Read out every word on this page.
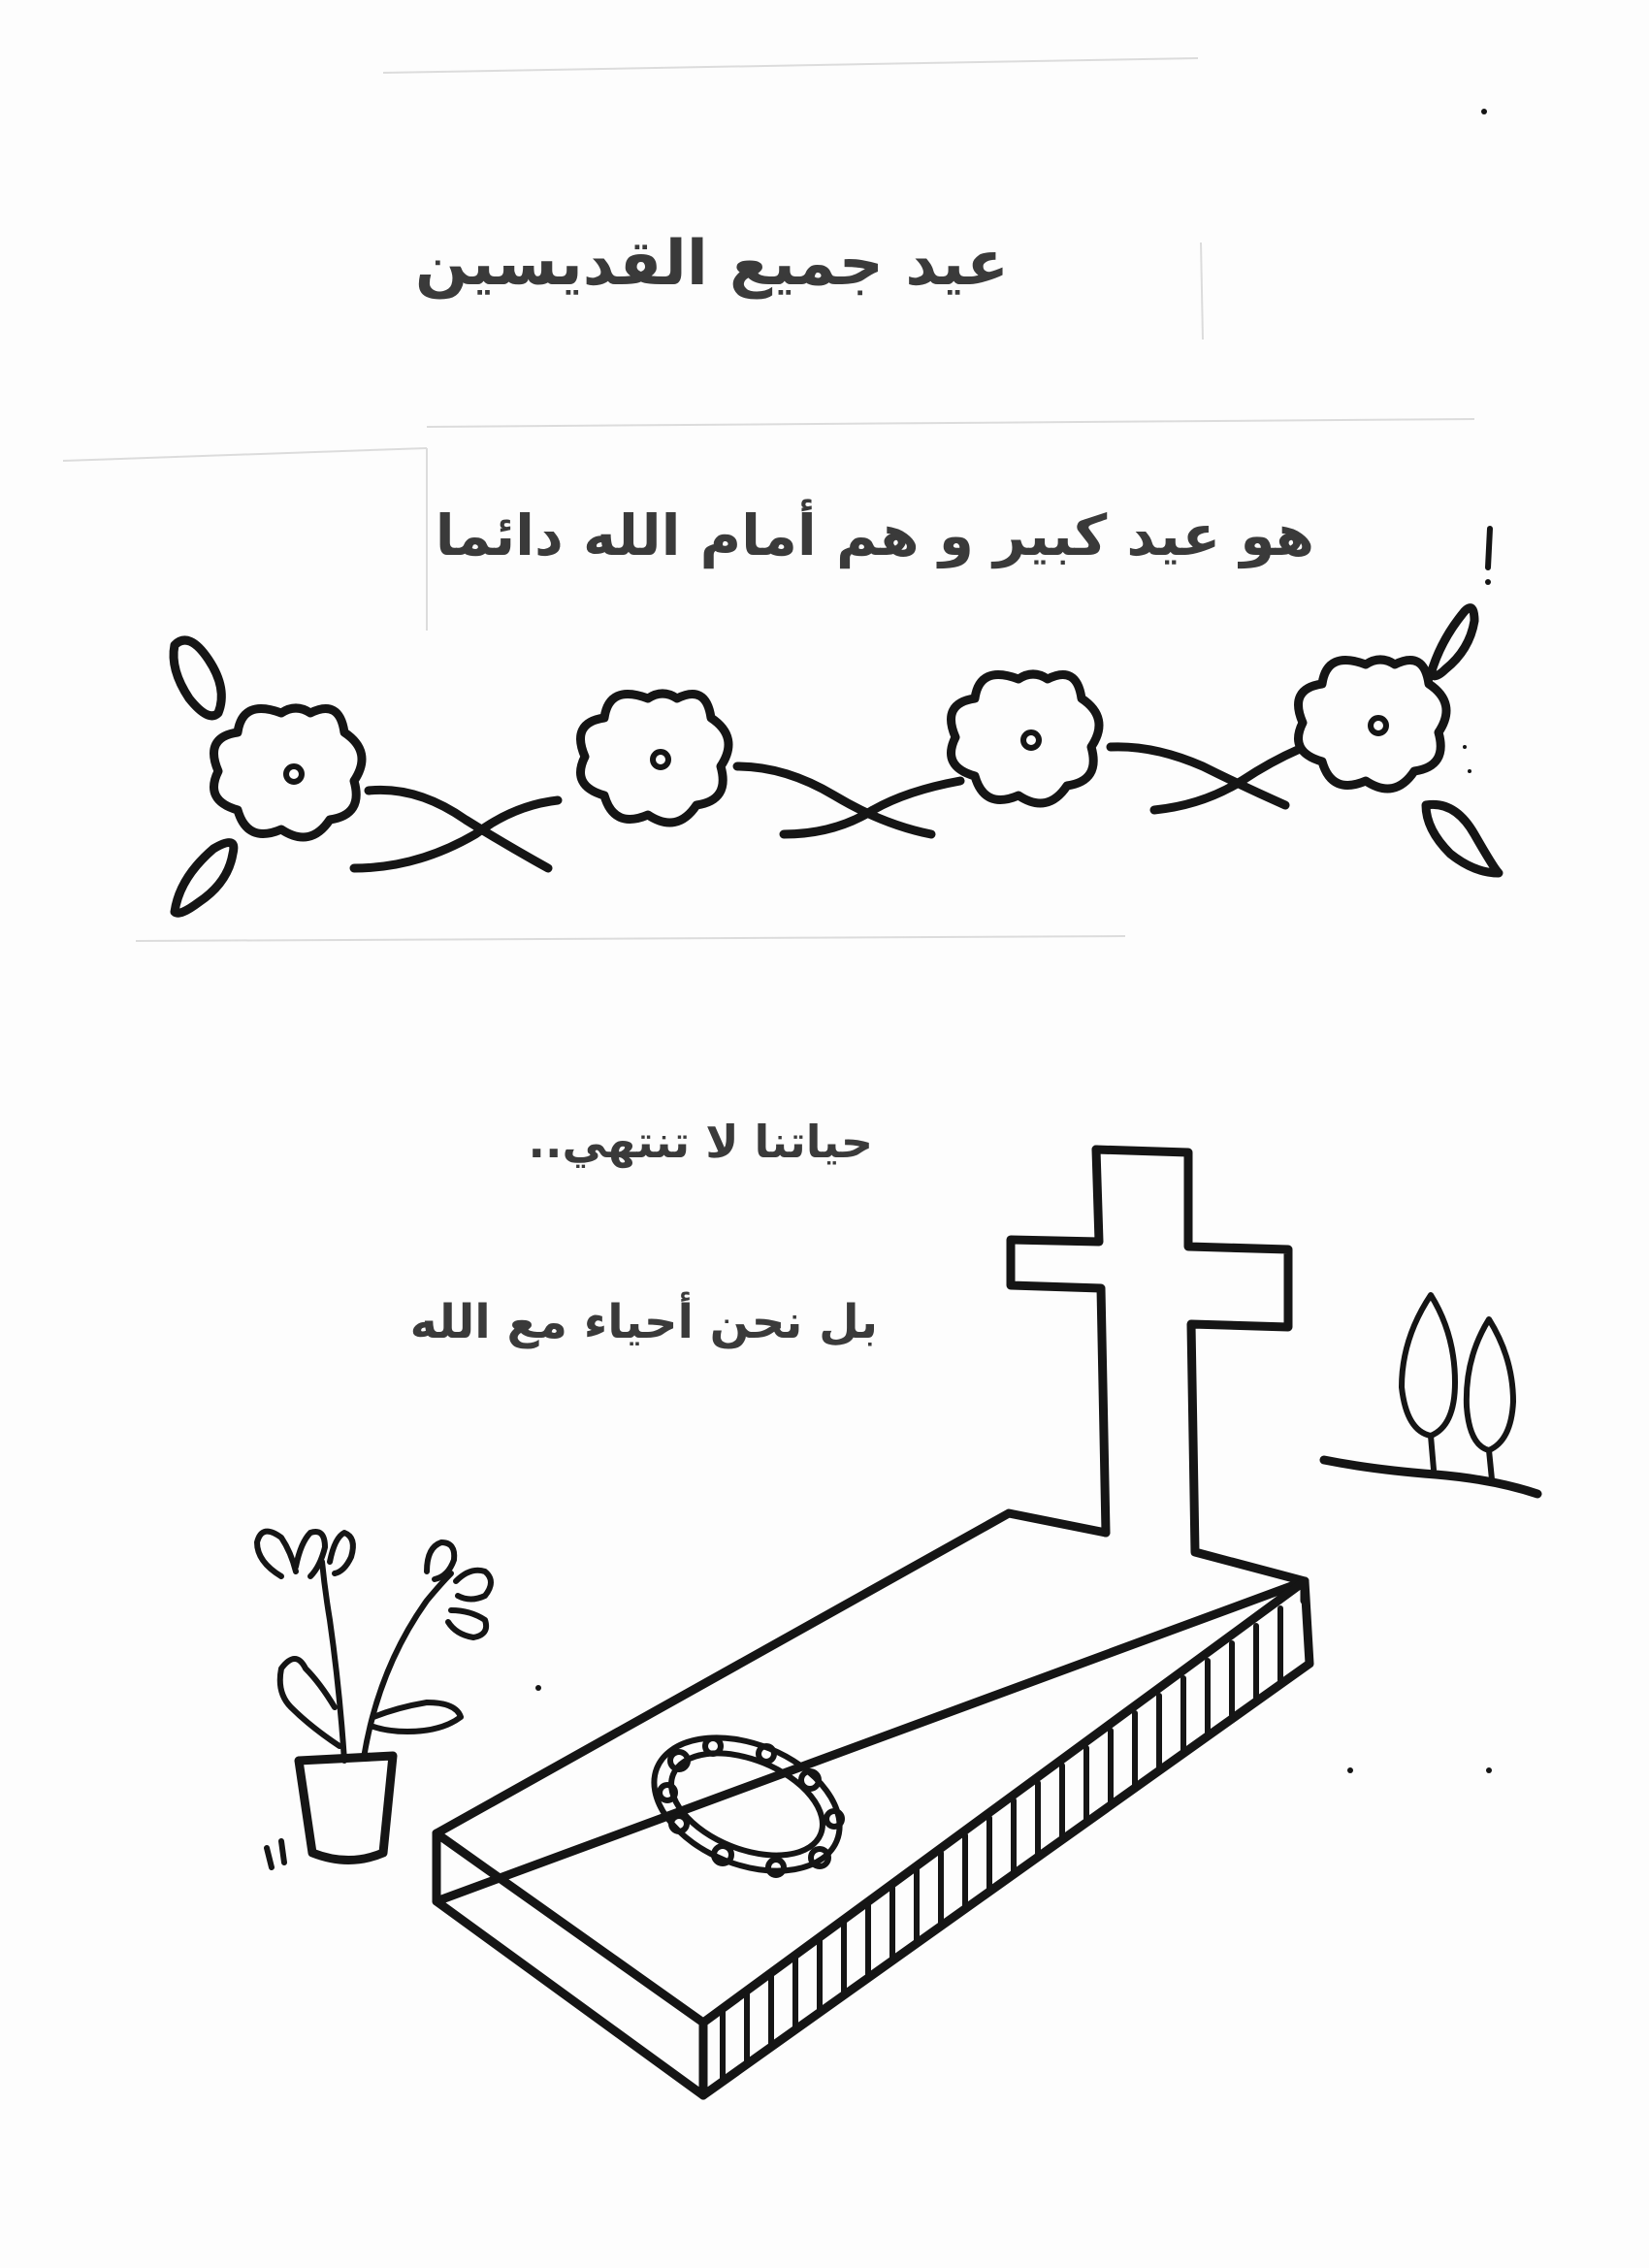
عيد جميع القديسين
هو عيد كبير و هم أمام الله دائما
حياتنا لا تنتهي..
بل نحن أحياء مع الله
